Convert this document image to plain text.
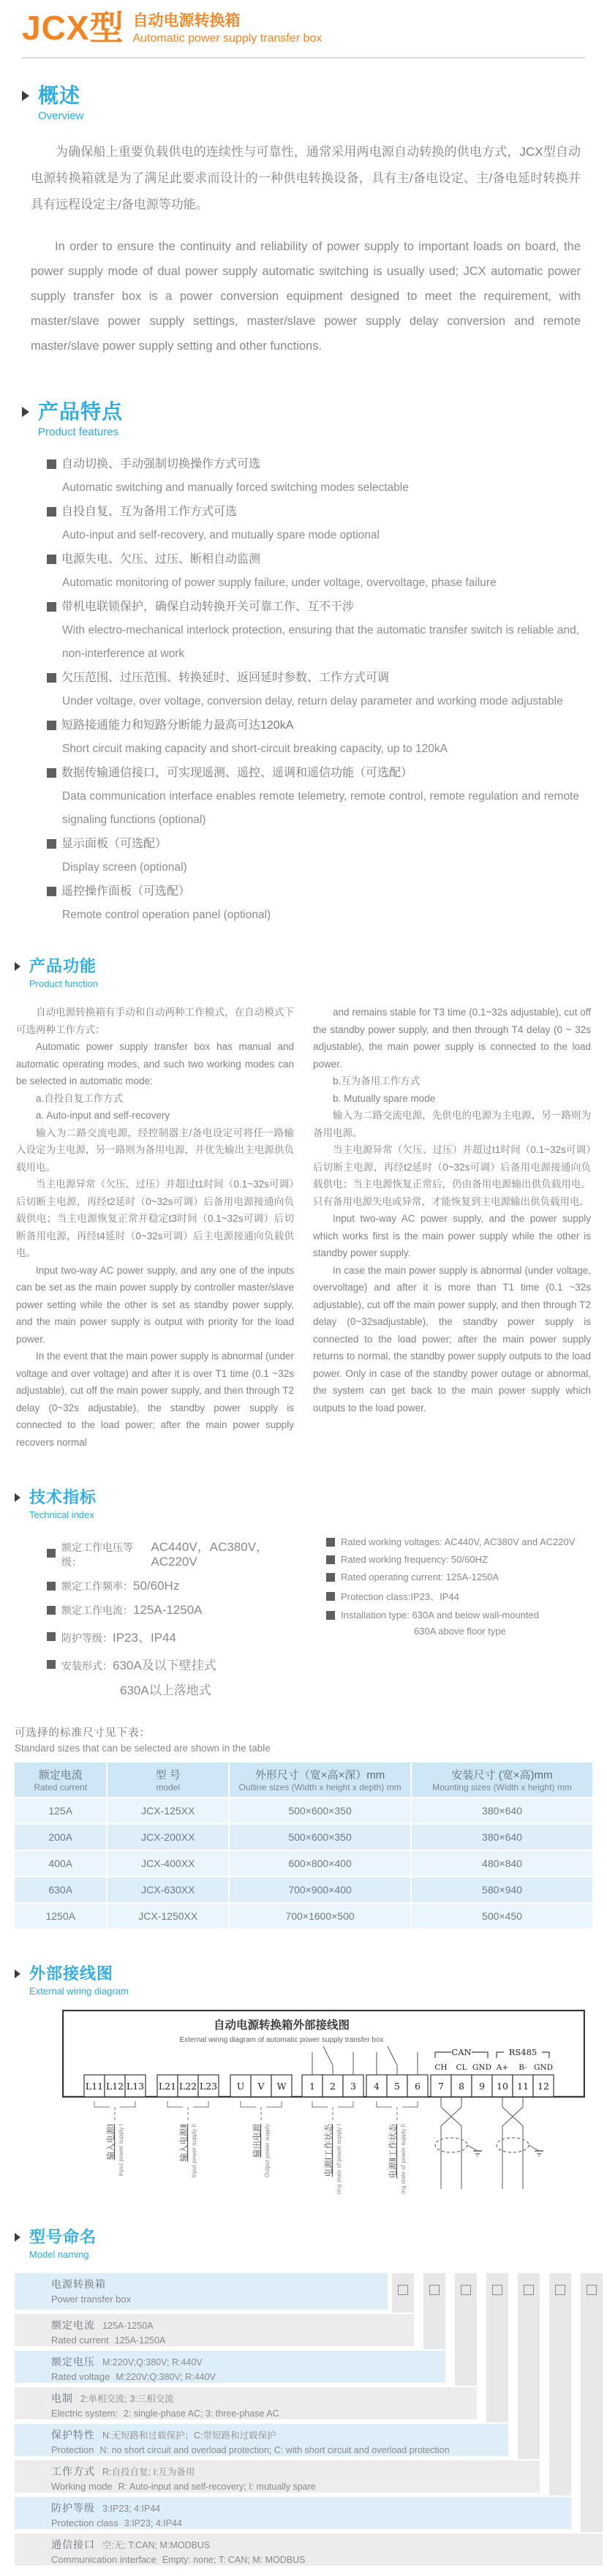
JCX型 自动电源转换箱
Automatic power supply transfer box
概述
Overview

为确保船上重要负载供电的连续性与可靠性，通常采用两电源自动转换的供电方式，JCX型自动电源转换箱就是为了满足此要求而设计的一种供电转换设备，具有主/备电设定、主/备电延时转换并具有远程设定主/备电源等功能。

In order to ensure the continuity and reliability of power supply to important loads on board, the power supply mode of dual power supply automatic switching is usually used; JCX automatic power supply transfer box is a power conversion equipment designed to meet the requirement, with master/slave power supply settings, master/slave power supply delay conversion and remote master/slave power supply setting and other functions.

产品特点
Product features
自动切换、手动强制切换操作方式可选
Automatic switching and manually forced switching modes selectable
自投自复、互为备用工作方式可选
Auto-input and self-recovery, and mutually spare mode optional
电源失电、欠压、过压、断相自动监测
Automatic monitoring of power supply failure, under voltage, overvoltage, phase failure
带机电联锁保护，确保自动转换开关可靠工作、互不干涉
With electro-mechanical interlock protection, ensuring that the automatic transfer switch is reliable and, non-interference at work
欠压范围、过压范围、转换延时、返回延时参数、工作方式可调
Under voltage, over voltage, conversion delay, return delay parameter and working mode adjustable
短路接通能力和短路分断能力最高可达120kA
Short circuit making capacity and short-circuit breaking capacity, up to 120kA
数据传输通信接口，可实现遥测、遥控、遥调和遥信功能（可选配）
Data communication interface enables remote telemetry, remote control, remote regulation and remote signaling functions (optional)
显示面板（可选配）
Display screen (optional)
遥控操作面板（可选配）
Remote control operation panel (optional)
产品功能
Product function

自动电源转换箱有手动和自动两种工作模式，在自动模式下可选两种工作方式：

Automatic power supply transfer box has manual and automatic operating modes, and such two working modes can be selected in automatic mode:

a.自投自复工作方式

a. Auto-input and self-recovery

输入为二路交流电源，经控制器主/备电设定可将任一路输入设定为主电源，另一路则为备用电源，并优先输出主电源供负载用电。

当主电源异常（欠压、过压）并超过t1时间（0.1~32s可调）后切断主电源，再经t2延时（0~32s可调）后备用电源接通向负载供电；当主电源恢复正常并稳定t3时间（0.1~32s可调）后切断备用电源，再经t4延时（0~32s可调）后主电源接通向负载供电。

Input two-way AC power supply, and any one of the inputs can be set as the main power supply by controller master/slave power setting while the other is set as standby power supply, and the main power supply is output with priority for the load power.

In the event that the main power supply is abnormal (under voltage and over voltage) and after it is over T1 time (0.1 ~32s adjustable), cut off the main power supply, and then through T2 delay (0~32s adjustable), the standby power supply is connected to the load power; after the main power supply recovers normal

and remains stable for T3 time (0.1~32s adjustable), cut off the standby power supply, and then through T4 delay (0 ~ 32s adjustable), the main power supply is connected to the load power.

b.互为备用工作方式

b. Mutually spare mode

输入为二路交流电源，先供电的电源为主电源，另一路则为备用电源。

当主电源异常（欠压、过压）并超过t1时间（0.1~32s可调）后切断主电源，再经t2延时（0~32s可调）后备用电源接通向负载供电；当主电源恢复正常后，仍由备用电源输出供负载用电。只有备用电源失电或异常，才能恢复到主电源输出供负载用电。

Input two-way AC power supply, and the power supply which works first is the main power supply while the other is standby power supply.

In case the main power supply is abnormal (under voltage, overvoltage) and after it is more than T1 time (0.1 ~32s adjustable), cut off the main power supply, and then through T2 delay (0~32sadjustable), the standby power supply is connected to the load power; after the main power supply returns to normal, the standby power supply outputs to the load power. Only in case of the standby power outage or abnormal, the system can get back to the main power supply which outputs to the load power.

技术指标
Technical index
额定工作电压等级：
AC440V，AC380V，AC220V
额定工作频率： 50/60Hz
额定工作电流： 125A-1250A
防护等级： IP23、IP44
安装形式： 630A及以下壁挂式
630A以上落地式
Rated working voltages: AC440V, AC380V and AC220V
Rated working frequency: 50/60HZ
Rated operating current: 125A-1250A
Protection class:IP23、IP44
Installation type: 630A and below wall-mounted
630A above floor type
可选择的标准尺寸见下表：
Standard sizes that can be selected are shown in the table
额定电流
Rated current

型 号
model

外形尺寸（宽×高×深）mm
Outline sizes (Width x height x depth) mm

安装尺寸 (宽×高)mm
Mounting sizes (Width x height) mm

125A	JCX-125XX	500×600×350	380×640
200A	JCX-200XX	500×600×350	380×640
400A	JCX-400XX	600×800×400	480×840
630A	JCX-630XX	700×900×400	580×940
1250A	JCX-1250XX	700×1600×500	500×450
外部接线图
External wiring diagram
自动电源转换箱外部接线图
External wiring diagram of automatic power supply transfer box
L11 L12 L13
输入电源Ⅰ Input power supply I
L21 L22 L23
输入电源Ⅱ Input power supply II
U V W
输出电源 Output power supply
1 2 3
电源Ⅰ工作状态 Working state of power supply I
4 5 6
电源Ⅱ工作状态 Working state of power supply II
7 8 9 10 11 12
CH CL GND A+ B- GND
CAN	RS485
型号命名
Model naming
电源转换箱
Power transfer box
额定电流 125A-1250A
Rated current 125A-1250A
额定电压 M:220V;Q:380V; R:440V
Rated voltage M:220V;Q:380V; R:440V
电制 2:单相交流; 3:三相交流
Electric system: 2: single-phase AC; 3: three-phase AC
保护特性 N:无短路和过载保护；C:带短路和过载保护
Protection N: no short circuit and overload protection; C: with short circuit and overload protection
工作方式 R:自投自复; I:互为备用
Working mode R: Auto-input and self-recovery; I: mutually spare
防护等级 3:IP23; 4:IP44
Protection class 3:IP23; 4:IP44
通信接口 空:无; T:CAN; M:MODBUS
Communication interface Empty: none; T: CAN; M: MODBUS
